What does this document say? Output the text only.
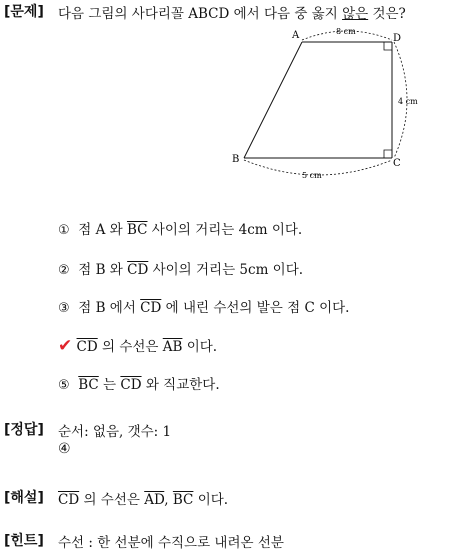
[문제] 다음 그림의 사다리꼴 ABCD 에서 다음 중 옳지 않은 것은?
A	D
B	C
8 cm
4 cm
5 cm
① 점 A 와 $\overline{BC}$ 사이의 거리는 4cm 이다.
② 점 B 와 $\overline{CD}$ 사이의 거리는 5cm 이다.
③ 점 B 에서 $\overline{CD}$ 에 내린 수선의 발은 점 C 이다.
✔ $\overline{CD}$ 의 수선은 $\overline{AB}$ 이다.
⑤ $\overline{BC}$ 는 $\overline{CD}$ 와 직교한다.
[정답] 순서: 없음, 갯수: 1
④
[해설] $\overline{CD}$ 의 수선은 $\overline{AD}$, $\overline{BC}$ 이다.
[힌트] 수선 : 한 선분에 수직으로 내려온 선분
